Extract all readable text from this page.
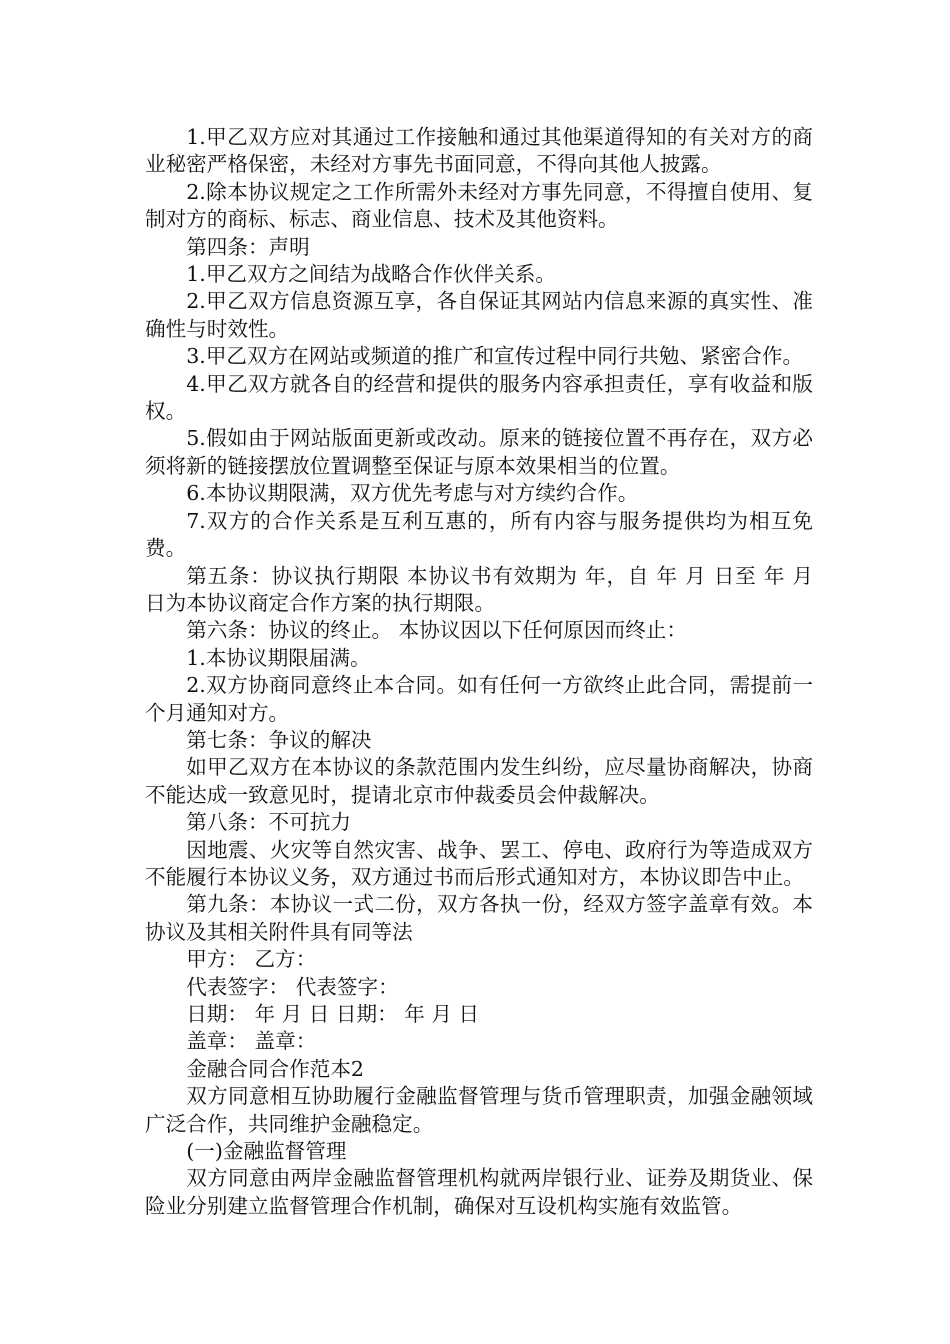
1.甲乙双方应对其通过工作接触和通过其他渠道得知的有关对方的商业秘密严格保密，未经对方事先书面同意，不得向其他人披露。

2.除本协议规定之工作所需外未经对方事先同意，不得擅自使用、复制对方的商标、标志、商业信息、技术及其他资料。

第四条：声明

1.甲乙双方之间结为战略合作伙伴关系。

2.甲乙双方信息资源互享，各自保证其网站内信息来源的真实性、准确性与时效性。

3.甲乙双方在网站或频道的推广和宣传过程中同行共勉、紧密合作。

4.甲乙双方就各自的经营和提供的服务内容承担责任，享有收益和版权。

5.假如由于网站版面更新或改动。原来的链接位置不再存在，双方必须将新的链接摆放位置调整至保证与原本效果相当的位置。

6.本协议期限满，双方优先考虑与对方续约合作。

7.双方的合作关系是互利互惠的，所有内容与服务提供均为相互免费。

第五条：协议执行期限 本协议书有效期为 年，自 年 月 日至 年 月 日为本协议商定合作方案的执行期限。

第六条：协议的终止。 本协议因以下任何原因而终止：

1.本协议期限届满。

2.双方协商同意终止本合同。如有任何一方欲终止此合同，需提前一个月通知对方。

第七条：争议的解决

如甲乙双方在本协议的条款范围内发生纠纷，应尽量协商解决，协商不能达成一致意见时，提请北京市仲裁委员会仲裁解决。

第八条：不可抗力

因地震、火灾等自然灾害、战争、罢工、停电、政府行为等造成双方不能履行本协议义务，双方通过书而后形式通知对方，本协议即告中止。

第九条：本协议一式二份，双方各执一份，经双方签字盖章有效。本协议及其相关附件具有同等法

甲方： 乙方：

代表签字： 代表签字：

日期： 年 月 日 日期： 年 月 日

盖章： 盖章：

金融合同合作范本2

双方同意相互协助履行金融监督管理与货币管理职责，加强金融领域广泛合作，共同维护金融稳定。

(一)金融监督管理

双方同意由两岸金融监督管理机构就两岸银行业、证券及期货业、保险业分别建立监督管理合作机制，确保对互设机构实施有效监管。
